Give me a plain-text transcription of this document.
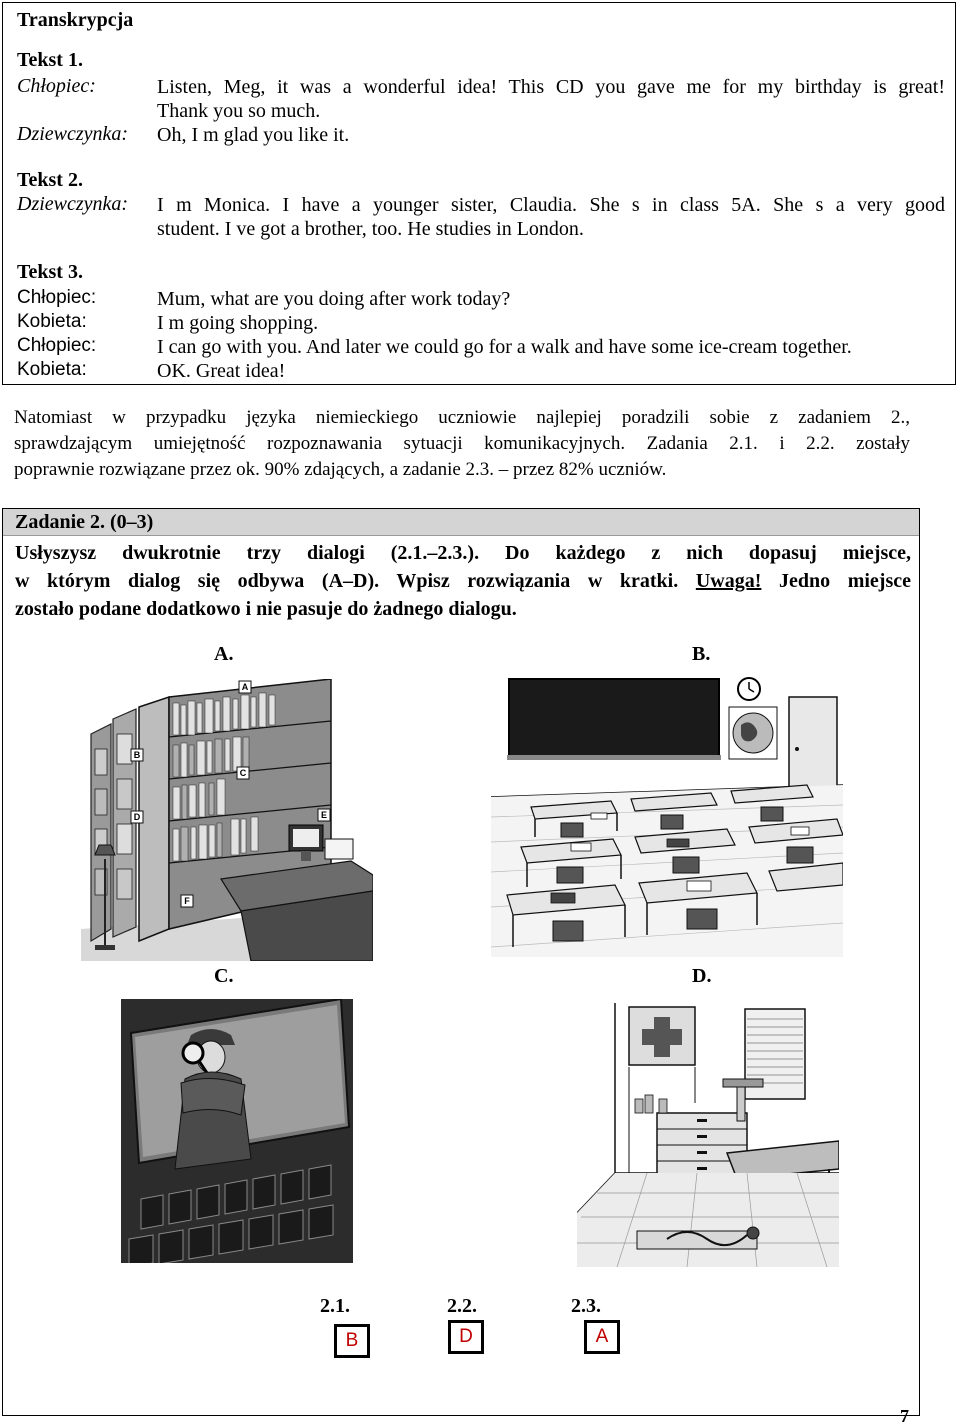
Transkrypcja
Tekst 1.
Chłopiec:	Listen, Meg, it was a wonderful idea! This CD you gave me for my birthday is great!
Thank you so much.
Dziewczynka: Oh, I m glad you like it.
Tekst 2.
Dziewczynka: I m Monica. I have a younger sister, Claudia. She s in class 5A. She s a very good
student. I ve got a brother, too. He studies in London.
Tekst 3.
Chłopiec:	Mum, what are you doing after work today?
Kobieta:	I m going shopping.
Chłopiec:	I can go with you. And later we could go for a walk and have some ice-cream together.
Kobieta:	OK. Great idea!
Natomiast w przypadku języka niemieckiego uczniowie najlepiej poradzili sobie z zadaniem 2.,
sprawdzającym umiejętność rozpoznawania sytuacji komunikacyjnych. Zadania 2.1. i 2.2. zostały
poprawnie rozwiązane przez ok. 90% zdających, a zadanie 2.3. – przez 82% uczniów.
Zadanie 2. (0–3)
Usłyszysz dwukrotnie trzy dialogi (2.1.–2.3.). Do każdego z nich dopasuj miejsce,
w którym dialog się odbywa (A–D). Wpisz rozwiązania w kratki. Uwaga! Jedno miejsce
zostało podane dodatkowo i nie pasuje do żadnego dialogu.
A.	B.
C.	D.
A
B
C
D	E
F
2.1.
B
2.2.
D
2.3.
A
7
